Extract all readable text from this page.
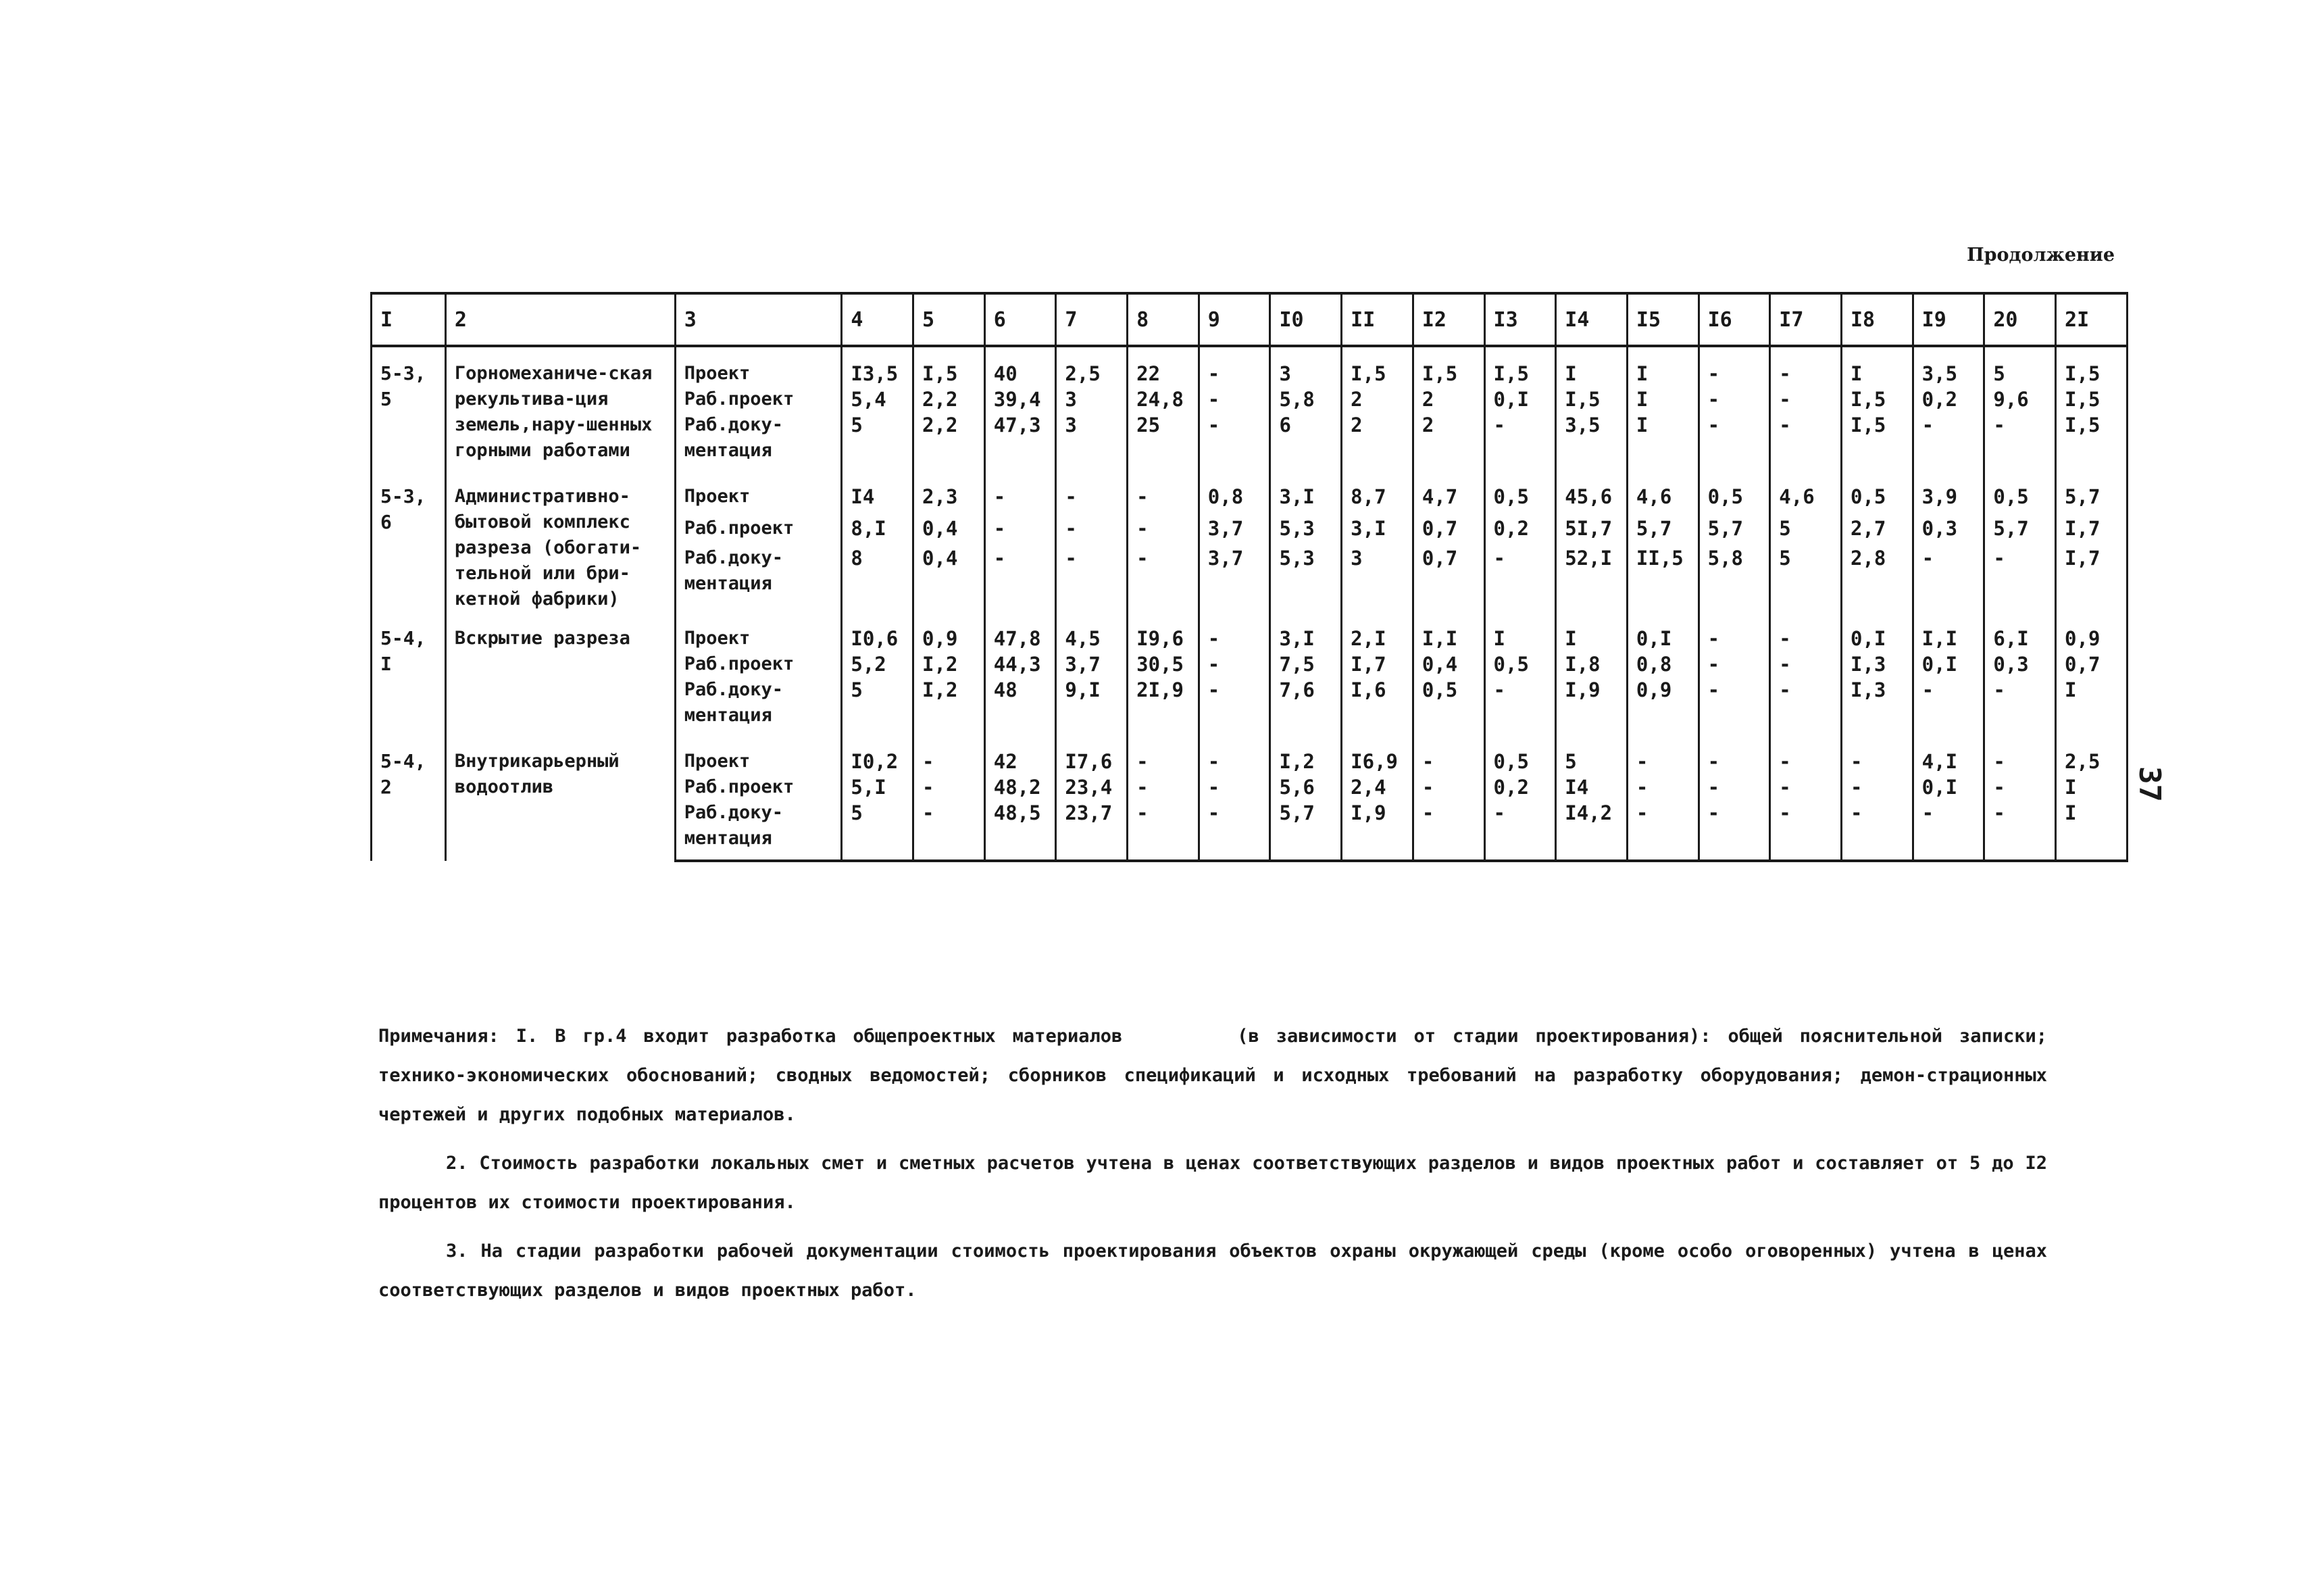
Продолжение
37
I	2	3	4	5	6	7	8	9	I0	II	I2	I3	I4	I5	I6	I7	I8	I9	20	2I
5-3, 5	Горномеханиче-ская рекультива-ция земель,нару-шенных горными работами	Проект	I3,5	I,5	40	2,5	22	-	3	I,5	I,5	I,5	I	I	-	-	I	3,5	5	I,5
		Раб.проект	5,4	2,2	39,4	3	24,8	-	5,8	2	2	0,I	I,5	I	-	-	I,5	0,2	9,6	I,5
		Раб.доку-ментация	5	2,2	47,3	3	25	-	6	2	2	-	3,5	I	-	-	I,5	-	-	I,5
5-3, 6	Административно-бытовой комплекс разреза (обогати-тельной или бри-кетной фабрики)	Проект	I4	2,3	-	-	-	0,8	3,I	8,7	4,7	0,5	45,6	4,6	0,5	4,6	0,5	3,9	0,5	5,7
		Раб.проект	8,I	0,4	-	-	-	3,7	5,3	3,I	0,7	0,2	5I,7	5,7	5,7	5	2,7	0,3	5,7	I,7
		Раб.доку-ментация	8	0,4	-	-	-	3,7	5,3	3	0,7	-	52,I	II,5	5,8	5	2,8	-	-	I,7
5-4, I	Вскрытие разреза	Проект	I0,6	0,9	47,8	4,5	I9,6	-	3,I	2,I	I,I	I	I	0,I	-	-	0,I	I,I	6,I	0,9
		Раб.проект	5,2	I,2	44,3	3,7	30,5	-	7,5	I,7	0,4	0,5	I,8	0,8	-	-	I,3	0,I	0,3	0,7
		Раб.доку-ментация	5	I,2	48	9,I	2I,9	-	7,6	I,6	0,5	-	I,9	0,9	-	-	I,3	-	-	I
5-4, 2	Внутрикарьерный водоотлив	Проект	I0,2	-	42	I7,6	-	-	I,2	I6,9	-	0,5	5	-	-	-	-	4,I	-	2,5
		Раб.проект	5,I	-	48,2	23,4	-	-	5,6	2,4	-	0,2	I4	-	-	-	-	0,I	-	I
		Раб.доку-ментация	5	-	48,5	23,7	-	-	5,7	I,9	-	-	I4,2	-	-	-	-	-	-	I

Примечания: I. В гр.4 входит разработка общепроектных материалов	(в зависимости от стадии проектирования): общей пояснительной записки; технико-экономических обоснований; сводных ведомостей; сборников спецификаций и исходных требований на разработку оборудования; демон-страционных чертежей и других подобных материалов.

2. Стоимость разработки локальных смет и сметных расчетов учтена в ценах соответствующих разделов и видов проектных работ и составляет от 5 до I2 процентов их стоимости проектирования.

3. На стадии разработки рабочей документации стоимость проектирования объектов охраны окружающей среды (кроме особо оговоренных) учтена в ценах соответствующих разделов и видов проектных работ.
